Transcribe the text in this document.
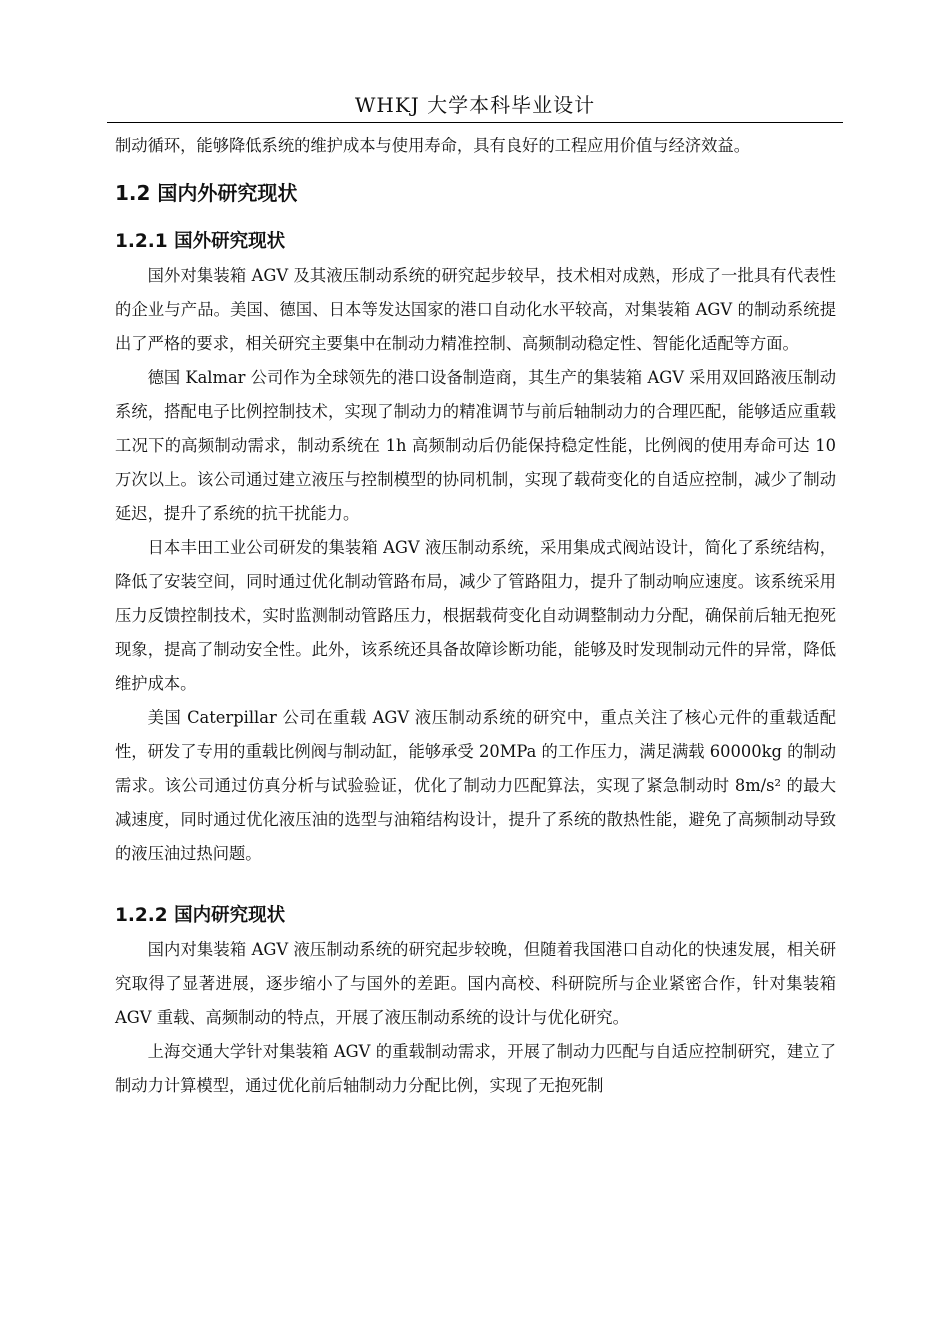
WHKJ 大学本科毕业设计

制动循环，能够降低系统的维护成本与使用寿命，具有良好的工程应用价值与经济效益。

1.2 国内外研究现状
1.2.1 国外研究现状

国外对集装箱 AGV 及其液压制动系统的研究起步较早，技术相对成熟，形成了一批具有代表性的企业与产品。美国、德国、日本等发达国家的港口自动化水平较高，对集装箱 AGV 的制动系统提出了严格的要求，相关研究主要集中在制动力精准控制、高频制动稳定性、智能化适配等方面。

德国 Kalmar 公司作为全球领先的港口设备制造商，其生产的集装箱 AGV 采用双回路液压制动系统，搭配电子比例控制技术，实现了制动力的精准调节与前后轴制动力的合理匹配，能够适应重载工况下的高频制动需求，制动系统在 1h 高频制动后仍能保持稳定性能，比例阀的使用寿命可达 10 万次以上。该公司通过建立液压与控制模型的协同机制，实现了载荷变化的自适应控制，减少了制动延迟，提升了系统的抗干扰能力。

日本丰田工业公司研发的集装箱 AGV 液压制动系统，采用集成式阀站设计，简化了系统结构，降低了安装空间，同时通过优化制动管路布局，减少了管路阻力，提升了制动响应速度。该系统采用压力反馈控制技术，实时监测制动管路压力，根据载荷变化自动调整制动力分配，确保前后轴无抱死现象，提高了制动安全性。此外，该系统还具备故障诊断功能，能够及时发现制动元件的异常，降低维护成本。

美国 Caterpillar 公司在重载 AGV 液压制动系统的研究中，重点关注了核心元件的重载适配性，研发了专用的重载比例阀与制动缸，能够承受 20MPa 的工作压力，满足满载 60000kg 的制动需求。该公司通过仿真分析与试验验证，优化了制动力匹配算法，实现了紧急制动时 8m/s² 的最大减速度，同时通过优化液压油的选型与油箱结构设计，提升了系统的散热性能，避免了高频制动导致的液压油过热问题。

1.2.2 国内研究现状

国内对集装箱 AGV 液压制动系统的研究起步较晚，但随着我国港口自动化的快速发展，相关研究取得了显著进展，逐步缩小了与国外的差距。国内高校、科研院所与企业紧密合作，针对集装箱 AGV 重载、高频制动的特点，开展了液压制动系统的设计与优化研究。

上海交通大学针对集装箱 AGV 的重载制动需求，开展了制动力匹配与自适应控制研究，建立了制动力计算模型，通过优化前后轴制动力分配比例，实现了无抱死制
